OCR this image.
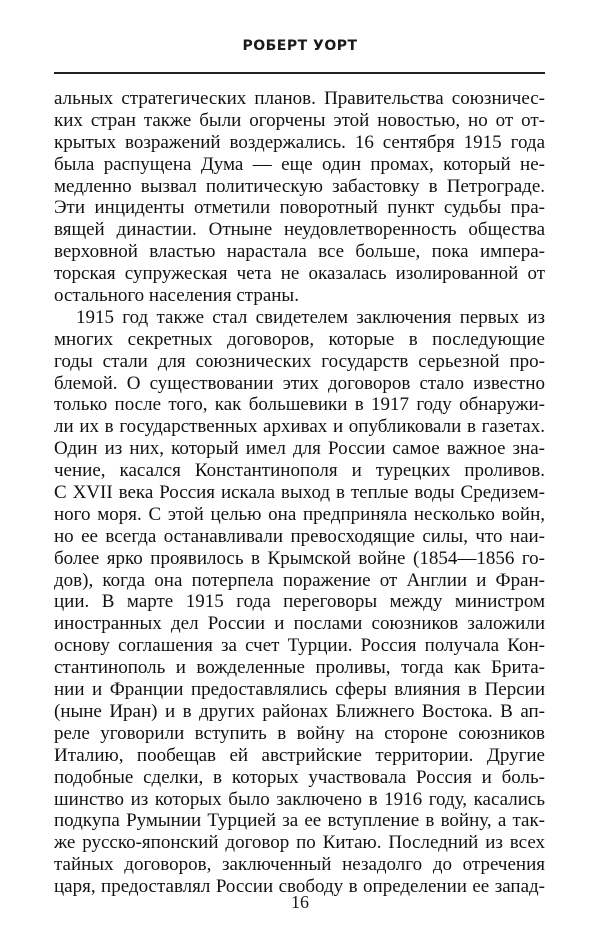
РОБЕРТ УОРТ
альных стратегических планов. Правительства союзничес-
ких стран также были огорчены этой новостью, но от от-
крытых возражений воздержались. 16 сентября 1915 года
была распущена Дума — еще один промах, который не-
медленно вызвал политическую забастовку в Петрограде.
Эти инциденты отметили поворотный пункт судьбы пра-
вящей династии. Отныне неудовлетворенность общества
верховной властью нарастала все больше, пока импера-
торская супружеская чета не оказалась изолированной от
остального населения страны.
1915 год также стал свидетелем заключения первых из
многих секретных договоров, которые в последующие
годы стали для союзнических государств серьезной про-
блемой. О существовании этих договоров стало известно
только после того, как большевики в 1917 году обнаружи-
ли их в государственных архивах и опубликовали в газетах.
Один из них, который имел для России самое важное зна-
чение, касался Константинополя и турецких проливов.
С XVII века Россия искала выход в теплые воды Средизем-
ного моря. С этой целью она предприняла несколько войн,
но ее всегда останавливали превосходящие силы, что наи-
более ярко проявилось в Крымской войне (1854—1856 го-
дов), когда она потерпела поражение от Англии и Фран-
ции. В марте 1915 года переговоры между министром
иностранных дел России и послами союзников заложили
основу соглашения за счет Турции. Россия получала Кон-
стантинополь и вожделенные проливы, тогда как Брита-
нии и Франции предоставлялись сферы влияния в Персии
(ныне Иран) и в других районах Ближнего Востока. В ап-
реле уговорили вступить в войну на стороне союзников
Италию, пообещав ей австрийские территории. Другие
подобные сделки, в которых участвовала Россия и боль-
шинство из которых было заключено в 1916 году, касались
подкупа Румынии Турцией за ее вступление в войну, а так-
же русско-японский договор по Китаю. Последний из всех
тайных договоров, заключенный незадолго до отречения
царя, предоставлял России свободу в определении ее запад-
16
